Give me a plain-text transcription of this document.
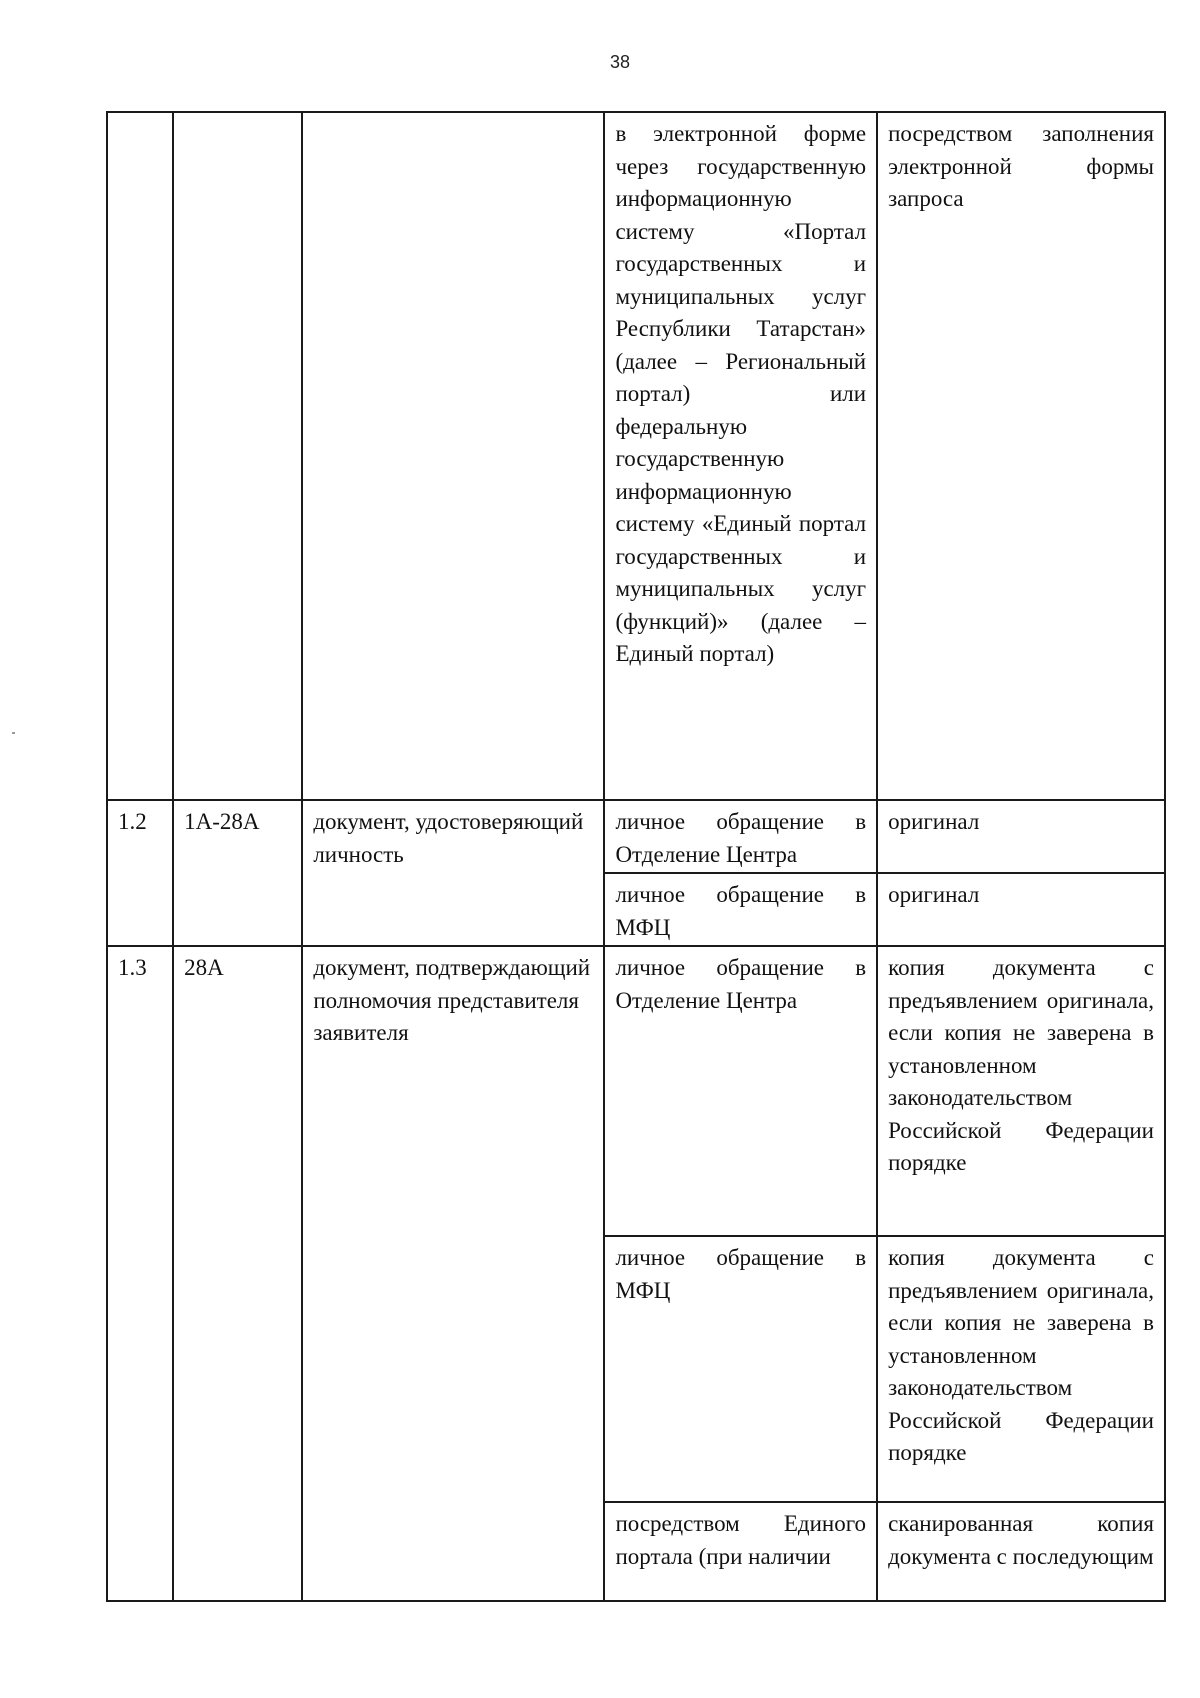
38
			в электронной форме через государственную информационную систему «Портал государственных и муниципальных услуг Республики Татарстан» (далее – Региональный портал) или федеральную государственную информационную систему «Единый портал государственных и муниципальных услуг (функций)» (далее – Единый портал)	посредством заполнения электронной формы запроса
1.2	1А-28А	документ, удостоверяющий личность	личное обращение в Отделение Центра	оригинал
			личное обращение в МФЦ	оригинал
1.3	28А	документ, подтверждающий полномочия представителя заявителя	личное обращение в Отделение Центра	копия документа с предъявлением оригинала, если копия не заверена в установленном законодательством Российской Федерации порядке
			личное обращение в МФЦ	копия документа с предъявлением оригинала, если копия не заверена в установленном законодательством Российской Федерации порядке

			посредством Единого портала (при наличии	сканированная копия документа с последующим
